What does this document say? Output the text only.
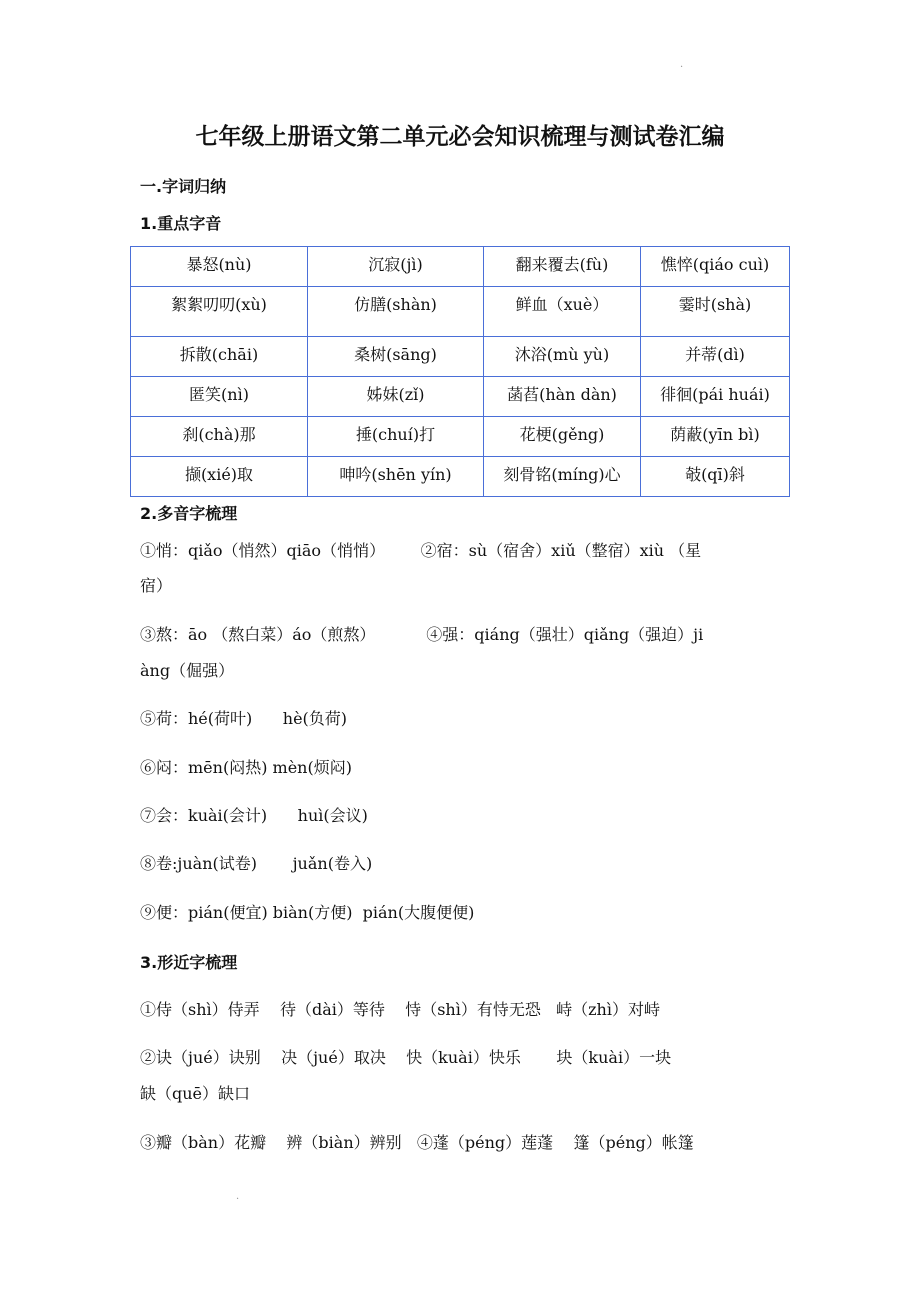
·
七年级上册语文第二单元必会知识梳理与测试卷汇编
一.字词归纳
1.重点字音
暴怒(nù)	沉寂(jì)	翻来覆去(fù)	憔悴(qiáo cuì)
絮絮叨叨(xù)	仿膳(shàn)	鲜血（xuè）	霎时(shà)
拆散(chāi)	桑树(sāng)	沐浴(mù yù)	并蒂(dì)
匿笑(nì)	姊妹(zǐ)	菡萏(hàn dàn)	徘徊(pái huái)
刹(chà)那	捶(chuí)打	花梗(gěng)	荫蔽(yīn bì)
撷(xié)取	呻吟(shēn yín)	刻骨铭(míng)心	攲(qī)斜
2.多音字梳理
①悄：qiǎo（悄然）qiāo（悄悄）       ②宿：sù（宿舍）xiǔ（整宿）xiù （星
宿）
③熬：āo （熬白菜）áo（煎熬）          ④强：qiáng（强壮）qiǎng（强迫）ji
àng（倔强）
⑤荷：hé(荷叶)      hè(负荷)
⑥闷：mēn(闷热) mèn(烦闷)
⑦会：kuài(会计)      huì(会议)
⑧卷:juàn(试卷)       juǎn(卷入)
⑨便：pián(便宜) biàn(方便)  pián(大腹便便)
3.形近字梳理
①侍（shì）侍弄    待（dài）等待    恃（shì）有恃无恐   峙（zhì）对峙
②诀（jué）诀别    决（jué）取决    快（kuài）快乐       块（kuài）一块
缺（quē）缺口
③瓣（bàn）花瓣    辨（biàn）辨别   ④蓬（péng）莲蓬    篷（péng）帐篷
·
